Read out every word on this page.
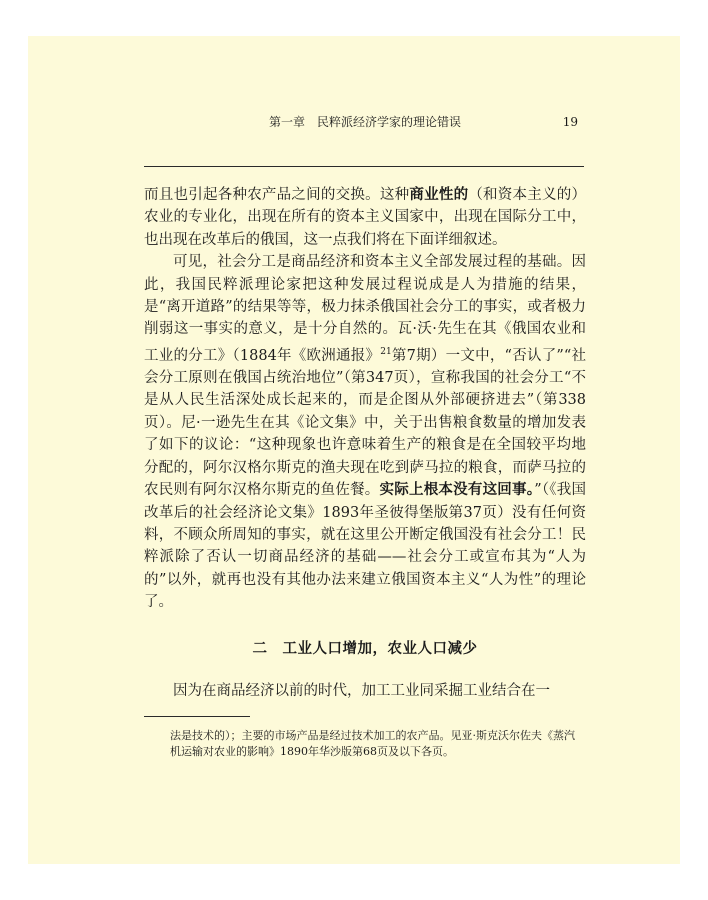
第一章　民粹派经济学家的理论错误	19

而且也引起各种农产品之间的交换。这种商业性的（和资本主义的）农业的专业化，出现在所有的资本主义国家中，出现在国际分工中，也出现在改革后的俄国，这一点我们将在下面详细叙述。

可见，社会分工是商品经济和资本主义全部发展过程的基础。因此，我国民粹派理论家把这种发展过程说成是人为措施的结果，是“离开道路”的结果等等，极力抹杀俄国社会分工的事实，或者极力削弱这一事实的意义，是十分自然的。瓦·沃·先生在其《俄国农业和工业的分工》（1884年《欧洲通报》$^{21}$第7期）一文中，“否认了”“社会分工原则在俄国占统治地位”（第347页），宣称我国的社会分工“不是从人民生活深处成长起来的，而是企图从外部硬挤进去”（第338页）。尼·一逊先生在其《论文集》中，关于出售粮食数量的增加发表了如下的议论：“这种现象也许意味着生产的粮食是在全国较平均地分配的，阿尔汉格尔斯克的渔夫现在吃到萨马拉的粮食，而萨马拉的农民则有阿尔汉格尔斯克的鱼佐餐。实际上根本没有这回事。”（《我国改革后的社会经济论文集》1893年圣彼得堡版第37页）没有任何资料，不顾众所周知的事实，就在这里公开断定俄国没有社会分工！民粹派除了否认一切商品经济的基础——社会分工或宣布其为“人为的”以外，就再也没有其他办法来建立俄国资本主义“人为性”的理论了。

二　工业人口增加，农业人口减少
因为在商品经济以前的时代，加工工业同采掘工业结合在一

法是技术的）；主要的市场产品是经过技术加工的农产品。见亚·斯克沃尔佐夫《蒸汽机运输对农业的影响》1890年华沙版第68页及以下各页。
